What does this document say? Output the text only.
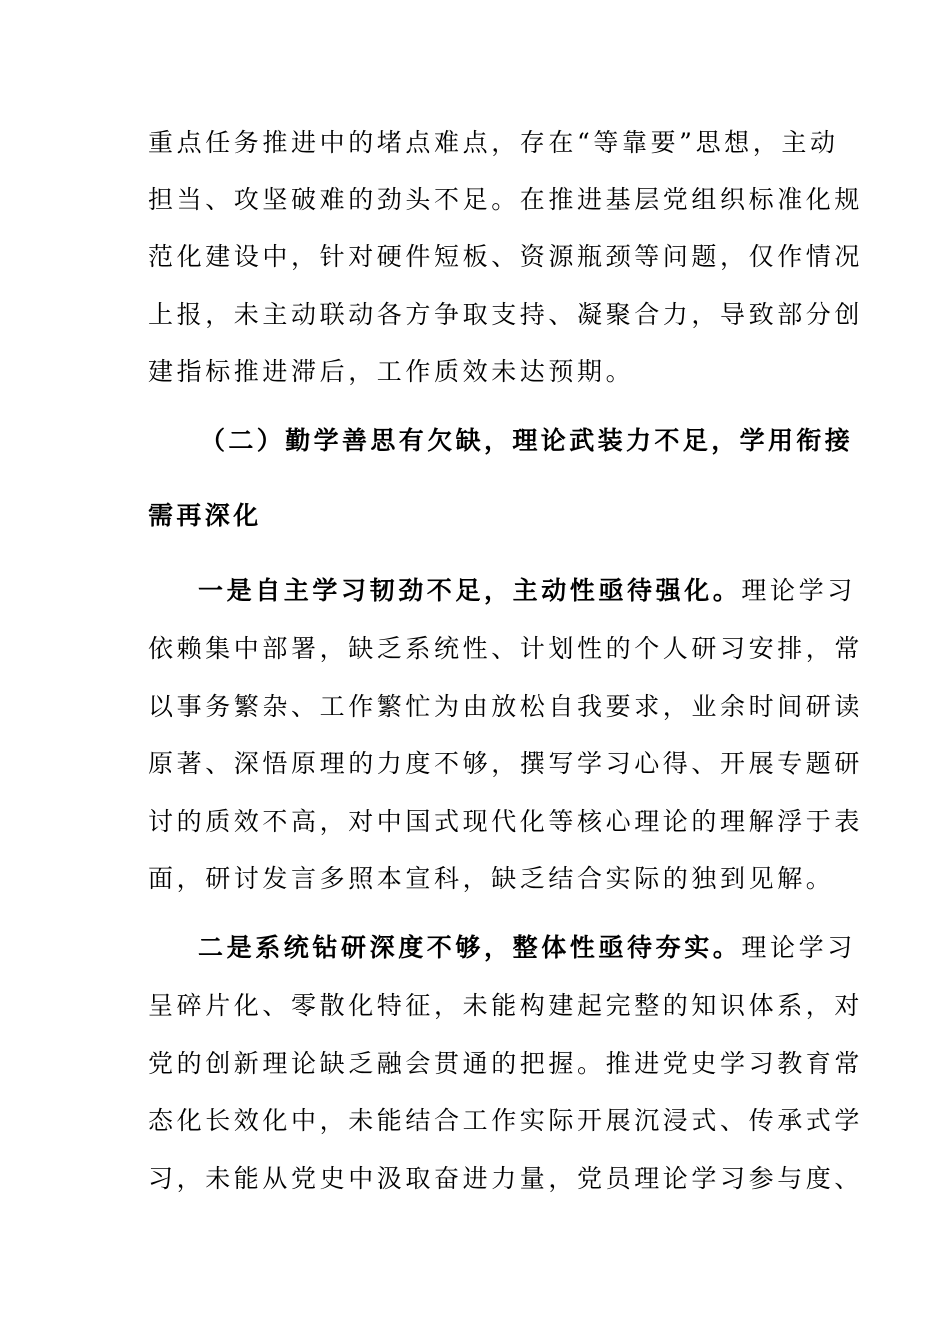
重点任务推进中的堵点难点，存在“等靠要”思想，主动
担当、攻坚破难的劲头不足。在推进基层党组织标准化规
范化建设中，针对硬件短板、资源瓶颈等问题，仅作情况
上报，未主动联动各方争取支持、凝聚合力，导致部分创
建指标推进滞后，工作质效未达预期。
（二）勤学善思有欠缺，理论武装力不足，学用衔接
需再深化
一是自主学习韧劲不足，主动性亟待强化。理论学习
依赖集中部署，缺乏系统性、计划性的个人研习安排，常
以事务繁杂、工作繁忙为由放松自我要求，业余时间研读
原著、深悟原理的力度不够，撰写学习心得、开展专题研
讨的质效不高，对中国式现代化等核心理论的理解浮于表
面，研讨发言多照本宣科，缺乏结合实际的独到见解。
二是系统钻研深度不够，整体性亟待夯实。理论学习
呈碎片化、零散化特征，未能构建起完整的知识体系，对
党的创新理论缺乏融会贯通的把握。推进党史学习教育常
态化长效化中，未能结合工作实际开展沉浸式、传承式学
习，未能从党史中汲取奋进力量，党员理论学习参与度、
